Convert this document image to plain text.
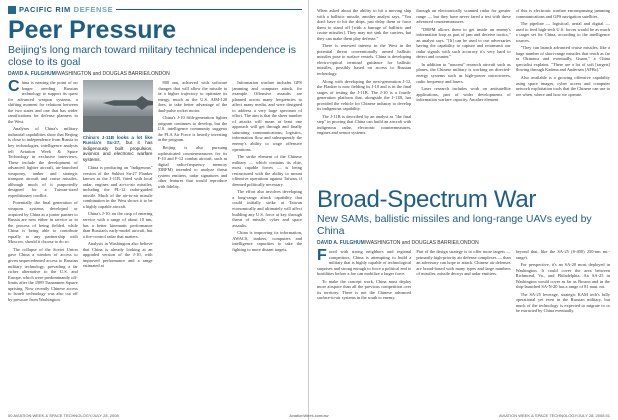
PACIFIC RIM DEFENSE
Peer Pressure
Beijing's long march toward military technical independence is close to its goal
DAVID A. FULGHUM/WASHINGTON and DOUGLAS BARRIE/LONDON
C hina is nearing the point of no longer needing Russian technology to support its quest for advanced weapon systems, a shifting moment for relations between the two states and one that has wider ramifications for defense planners in the West.

Analyses of China's military industrial capabilities show that Beijing is close to independence from Russia in key technologies, intelligence analysts tell Aviation Week & Space Technology in exclusive interviews. These include the development of advanced fighter aircraft, air-launched weaponry, tanker and strategic transport aircraft and cruise missiles, although much of it purportedly designed for a Taiwan-sized expeditionary conflict.

Potentially the final generation of weapons systems developed or acquired by China as a junior partner to Russia are now either in service or in the process of being fielded, while China is being able to contribute equally to any partnership with Moscow, should it choose to do so.

The collapse of the Soviet Union gave China a window of access to given unprecedented access to Russian military technology, prevailing a far richer alternative to the U.S. and Europe, which were predominantly off-limits after the 1989 Tiananmen Square uprising. Now recently Chinese access to Israeli technology was also cut off by pressure from Washington.

China's J-11B looks a lot like Russia's Su-27, but it has indigenously built propulsion, avionics and electronic warfare systems.

China is producing an "indigenous" version of the Sukhoi Su-27 Flanker known as the J-11B, fitted with local radar, engines and air-to-air missiles, including the PL-12 radar-guided missile. Much of the air-to-air missile combination in the West shows it to be a highly capable aircraft.

China's J-10, on the cusp of entering service with a range of about 10 nm, has a better kinematic performance than Russian's early-model aircraft, but a fire-control radar that matters.

Analysts in Washington also believe that China is already looking at an upgraded version of the J-10, with improved performance and a range estimated at

800 nm, achieved with software changes that will allow the missile to be a higher trajectory to optimize its energy, much as the U.S. AIM-120 does, to take better advantage of the dual-pulse rocket motor.

China's J-10 fifth-generation fighter program continues to develop, but the U.S. intelligence community suggests the PLA Air Force is heavily investing in the program.

Beijing is also pursuing sophisticated countermeasures for its F-10 and F-12 combat aircraft, such as digital radio-frequency memory (DRFM) intended to analyze threat system emitters, radar signatures and other features that would reproduce with fidelity.

Information warfare includes GPS jamming and computer attack, for example. Offensive assaults are planned across many frequencies to affect many media, and were designed to address a very large spectrum of effort. The aim is that the sheer number of attacks will mean at least one approach will get through and finally saturating communications, logistics, information flow and subsequently the enemy's ability to wage offensive operations.

The strike element of the Chinese military — which contains its elite, most capable forces — is being restructured with the ability to mount offensive operations against Taiwan, if deemed politically necessary.

The effort also involves developing a long-range attack capability that could initially strike at Taiwan economically and ultimately will affect building any U.S. force at key through threat of missile, cyber and space assaults.

China is improving its information, AWACS, tankers, computers and intelligence capacities to take the fighting to more distant targets.

When asked about the ability to hit a moving ship with a ballistic missile, another analyst says, "You don't have to hit the ships, just delay them or force them to stand off [with a barrage of ballistic and cruise missiles]. They may not sink the carriers, but they can make them play defense."

There is renewed interest in the West in the potential threat conventionally armed ballistic missiles pose to surface vessels. China is developing electro-optical terminal guidance for ballistic missiles, possibly based on access to Russian technology.

Along with developing the next-generation J-12, the Flanker is now fielding its J-10 and is in the final stages of testing the J-11B. The J-10 is a fourth-generation platform that, alongside the J-11B, has provided the vehicle for Chinese industry to develop its indigenous capability.

The J-11B is described by an analyst as "the final step" in proving that China can build an aircraft with indigenous radar, electronic countermeasures, engines and sensor systems.

through an electronically scanned radar for greater range — but they have never fared a test with these advanced countermeasures.

"DRFM allows them to get inside an enemy's information loop as part of jam and deceive tactics," an analyst says. "[It] can be used to cue adversaries having the capability to capture and retransmit our radar signals with such accuracy it's very hard to detect and counter."

In addition to "nascent" research aircraft such as planes, the Chinese military is working on directed-energy systems such as high-power microwaves, radio frequency and lasers.

Laser research includes work on antisatellite applications, part of wider developments of information warfare capacity. Another element

of this is electronic warfare encompassing jamming communications and GPS navigation satellites.

The pipeline — logistical, aerial and digital — used to feed high-tech U.S. forces would be as much a target set for China, according to the intelligence sources.

"They can launch advanced cruise missiles, like a large number of short-range missiles that reach as far as Okinawa and eventually, Guam," a China specialist explains. "There are a lot of soft [targets] flowing through Kadena and Andersen [AFBs]."

Also available is a growing offensive capability using space images, cyber access and computer network exploitation tools that the Chinese can use to see when, where and how we operate.

Broad-Spectrum War
New SAMs, ballistic missiles and long-range UAVs eyed by China
DAVID A. FULGHUM/WASHINGTON and DOUGLAS BARRIE/LONDON
F aced with strong neighbors and regional competitors, China is attempting to build a military that is highly capable of technological surprises and strong enough to force a political end to hostilities before a foe can mobilize a larger force.

To make the concept work, China must deploy more airspace than all the previous competition over its territory. There is not the Chinese advanced surface-to-air systems in the south to enemy.

Part of the design strategy is to offer more targets — primarily high-priority air defense complexes — than an adversary can hope to attack. Chinese air defenses are broad-based with many types and large numbers of missiles, missile decoys and radar emitters.

beyond that, like the SA-25 (S-400) 250-nm mi.-range).

For perspective, it's an SA-20 most deployed in Washington. It could cover the area between Richmond, Va., and Philadelphia. An SA-25 in Washington would cover as far as Boston and in the ship-launched SA-N-20 has a range of 81 naut. mi.

The SA-25 leverage, strategic KAM tech's fully operational yet even in the Russian military, but much of the technology is expected to migrate to or be extracted by China eventually.

50 AVIATION WEEK & SPACE TECHNOLOGY/JULY 28, 2008	AviationWeek.com/aw	AVIATION WEEK & SPACE TECHNOLOGY/JULY 28, 2008 51
